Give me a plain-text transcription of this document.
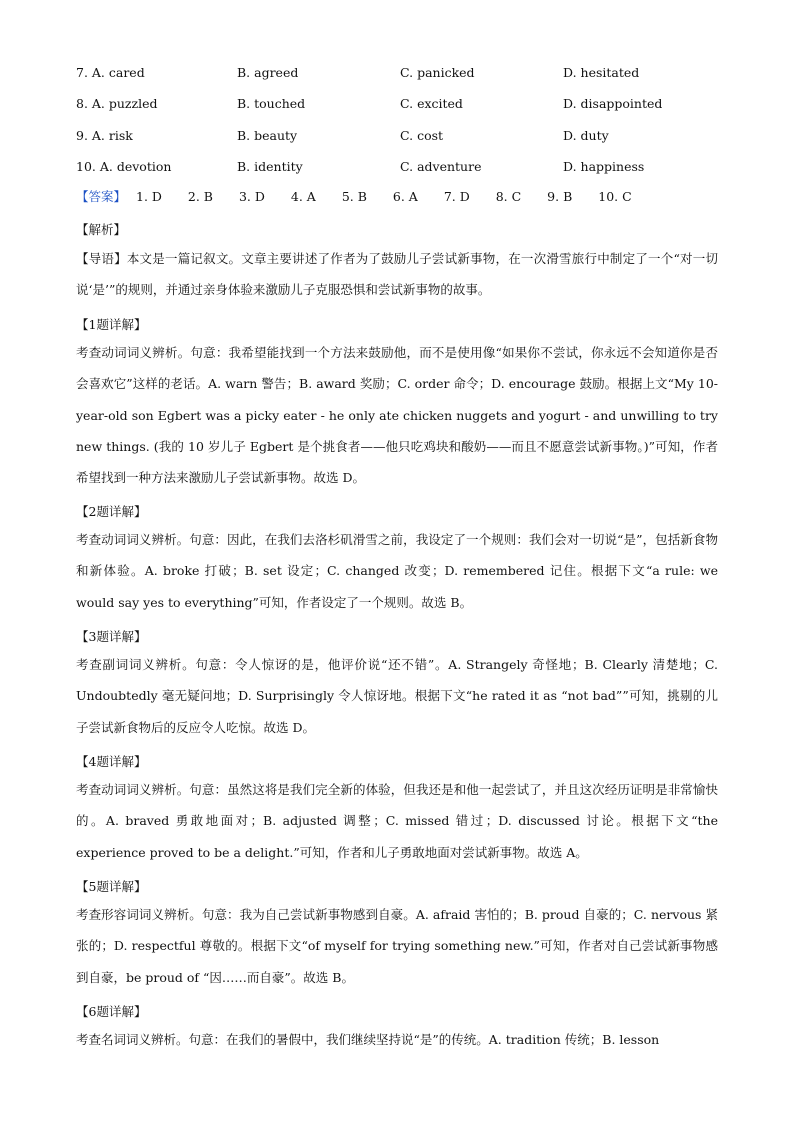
7. A. cared	B. agreed	C. panicked	D. hesitated
8. A. puzzled	B. touched	C. excited	D. disappointed
9. A. risk	B. beauty	C. cost	D. duty
10. A. devotion	B. identity	C. adventure	D. happiness
【答案】 1. D 2. B 3. D 4. A 5. B 6. A 7. D 8. C 9. B 10. C
【解析】

【导语】本文是一篇记叙文。文章主要讲述了作者为了鼓励儿子尝试新事物，在一次滑雪旅行中制定了一个“对一切说‘是’”的规则，并通过亲身体验来激励儿子克服恐惧和尝试新事物的故事。

【1题详解】

考查动词词义辨析。句意：我希望能找到一个方法来鼓励他，而不是使用像“如果你不尝试，你永远不会知道你是否会喜欢它”这样的老话。A. warn 警告；B. award 奖励；C. order 命令；D. encourage 鼓励。根据上文“My 10-year-old son Egbert was a picky eater - he only ate chicken nuggets and yogurt - and unwilling to try new things. (我的 10 岁儿子 Egbert 是个挑食者——他只吃鸡块和酸奶——而且不愿意尝试新事物。)”可知，作者希望找到一种方法来激励儿子尝试新事物。故选 D。

【2题详解】

考查动词词义辨析。句意：因此，在我们去洛杉矶滑雪之前，我设定了一个规则：我们会对一切说“是”，包括新食物和新体验。A. broke 打破；B. set 设定；C. changed 改变；D. remembered 记住。根据下文“a rule: we would say yes to everything”可知，作者设定了一个规则。故选 B。

【3题详解】

考查副词词义辨析。句意：令人惊讶的是，他评价说“还不错”。A. Strangely 奇怪地；B. Clearly 清楚地；C. Undoubtedly 毫无疑问地；D. Surprisingly 令人惊讶地。根据下文“he rated it as “not bad””可知，挑剔的儿子尝试新食物后的反应令人吃惊。故选 D。

【4题详解】

考查动词词义辨析。句意：虽然这将是我们完全新的体验，但我还是和他一起尝试了，并且这次经历证明是非常愉快的。A. braved 勇敢地面对；B. adjusted 调整；C. missed 错过；D. discussed 讨论。根据下文“the experience proved to be a delight.”可知，作者和儿子勇敢地面对尝试新事物。故选 A。

【5题详解】

考查形容词词义辨析。句意：我为自己尝试新事物感到自豪。A. afraid 害怕的；B. proud 自豪的；C. nervous 紧张的；D. respectful 尊敬的。根据下文“of myself for trying something new.”可知，作者对自己尝试新事物感到自豪，be proud of “因……而自豪”。故选 B。

【6题详解】

考查名词词义辨析。句意：在我们的暑假中，我们继续坚持说“是”的传统。A. tradition 传统；B. lesson
